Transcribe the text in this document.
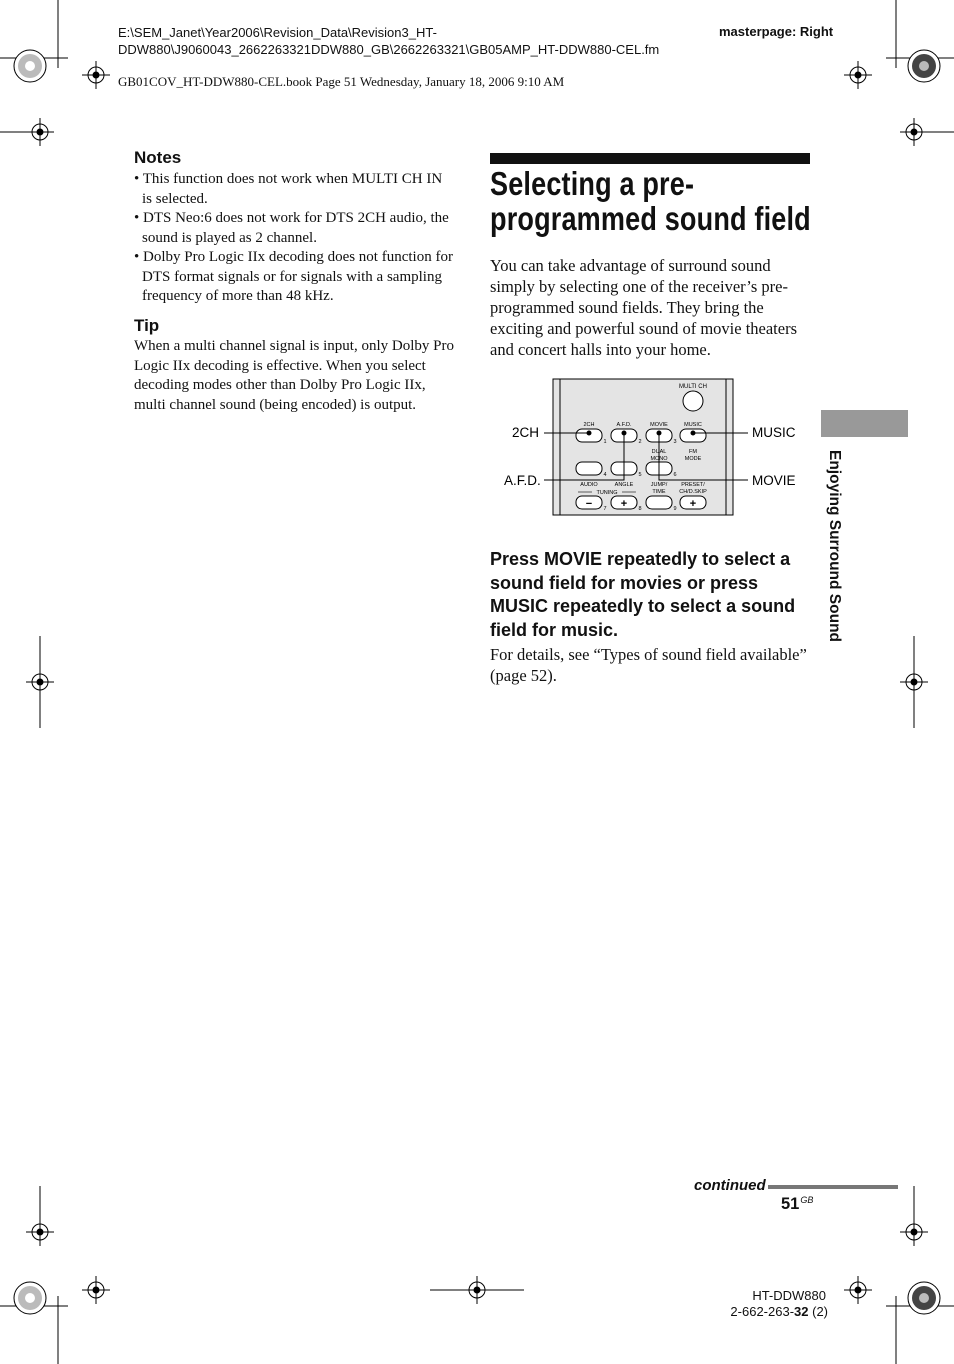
E:\SEM_Janet\Year2006\Revision_Data\Revision3_HT-DDW880\J9060043_2662263321DDW880_GB\2662263321\GB05AMP_HT-DDW880-CEL.fm
masterpage: Right
GB01COV_HT-DDW880-CEL.book Page 51 Wednesday, January 18, 2006 9:10 AM
Notes
• This function does not work when MULTI CH IN is selected.
• DTS Neo:6 does not work for DTS 2CH audio, the sound is played as 2 channel.
• Dolby Pro Logic IIx decoding does not function for DTS format signals or for signals with a sampling frequency of more than 48 kHz.
Tip
When a multi channel signal is input, only Dolby Pro Logic IIx decoding is effective. When you select decoding modes other than Dolby Pro Logic IIx, multi channel sound (being encoded) is output.
Selecting a pre-
programmed sound field
You can take advantage of surround sound simply by selecting one of the receiver’s pre-programmed sound fields. They bring the exciting and powerful sound of movie theaters and concert halls into your home.
MULTI CH
2CH	A.F.D.	MOVIE	MUSIC
DUAL
MONO
FM
MODE
AUDIO	ANGLE	JUMP/
TIME
PRESET/
CH/D.SKIP
TUNING
−	+	+
1	2	3
4	5	6
7	8	9
2CH
A.F.D.
MUSIC
MOVIE
Press MOVIE repeatedly to select a sound field for movies or press MUSIC repeatedly to select a sound field for music.
For details, see “Types of sound field available” (page 52).
Enjoying Surround Sound
continued
$51^{GB}$
HT-DDW880
2-662-263-32 (2)
